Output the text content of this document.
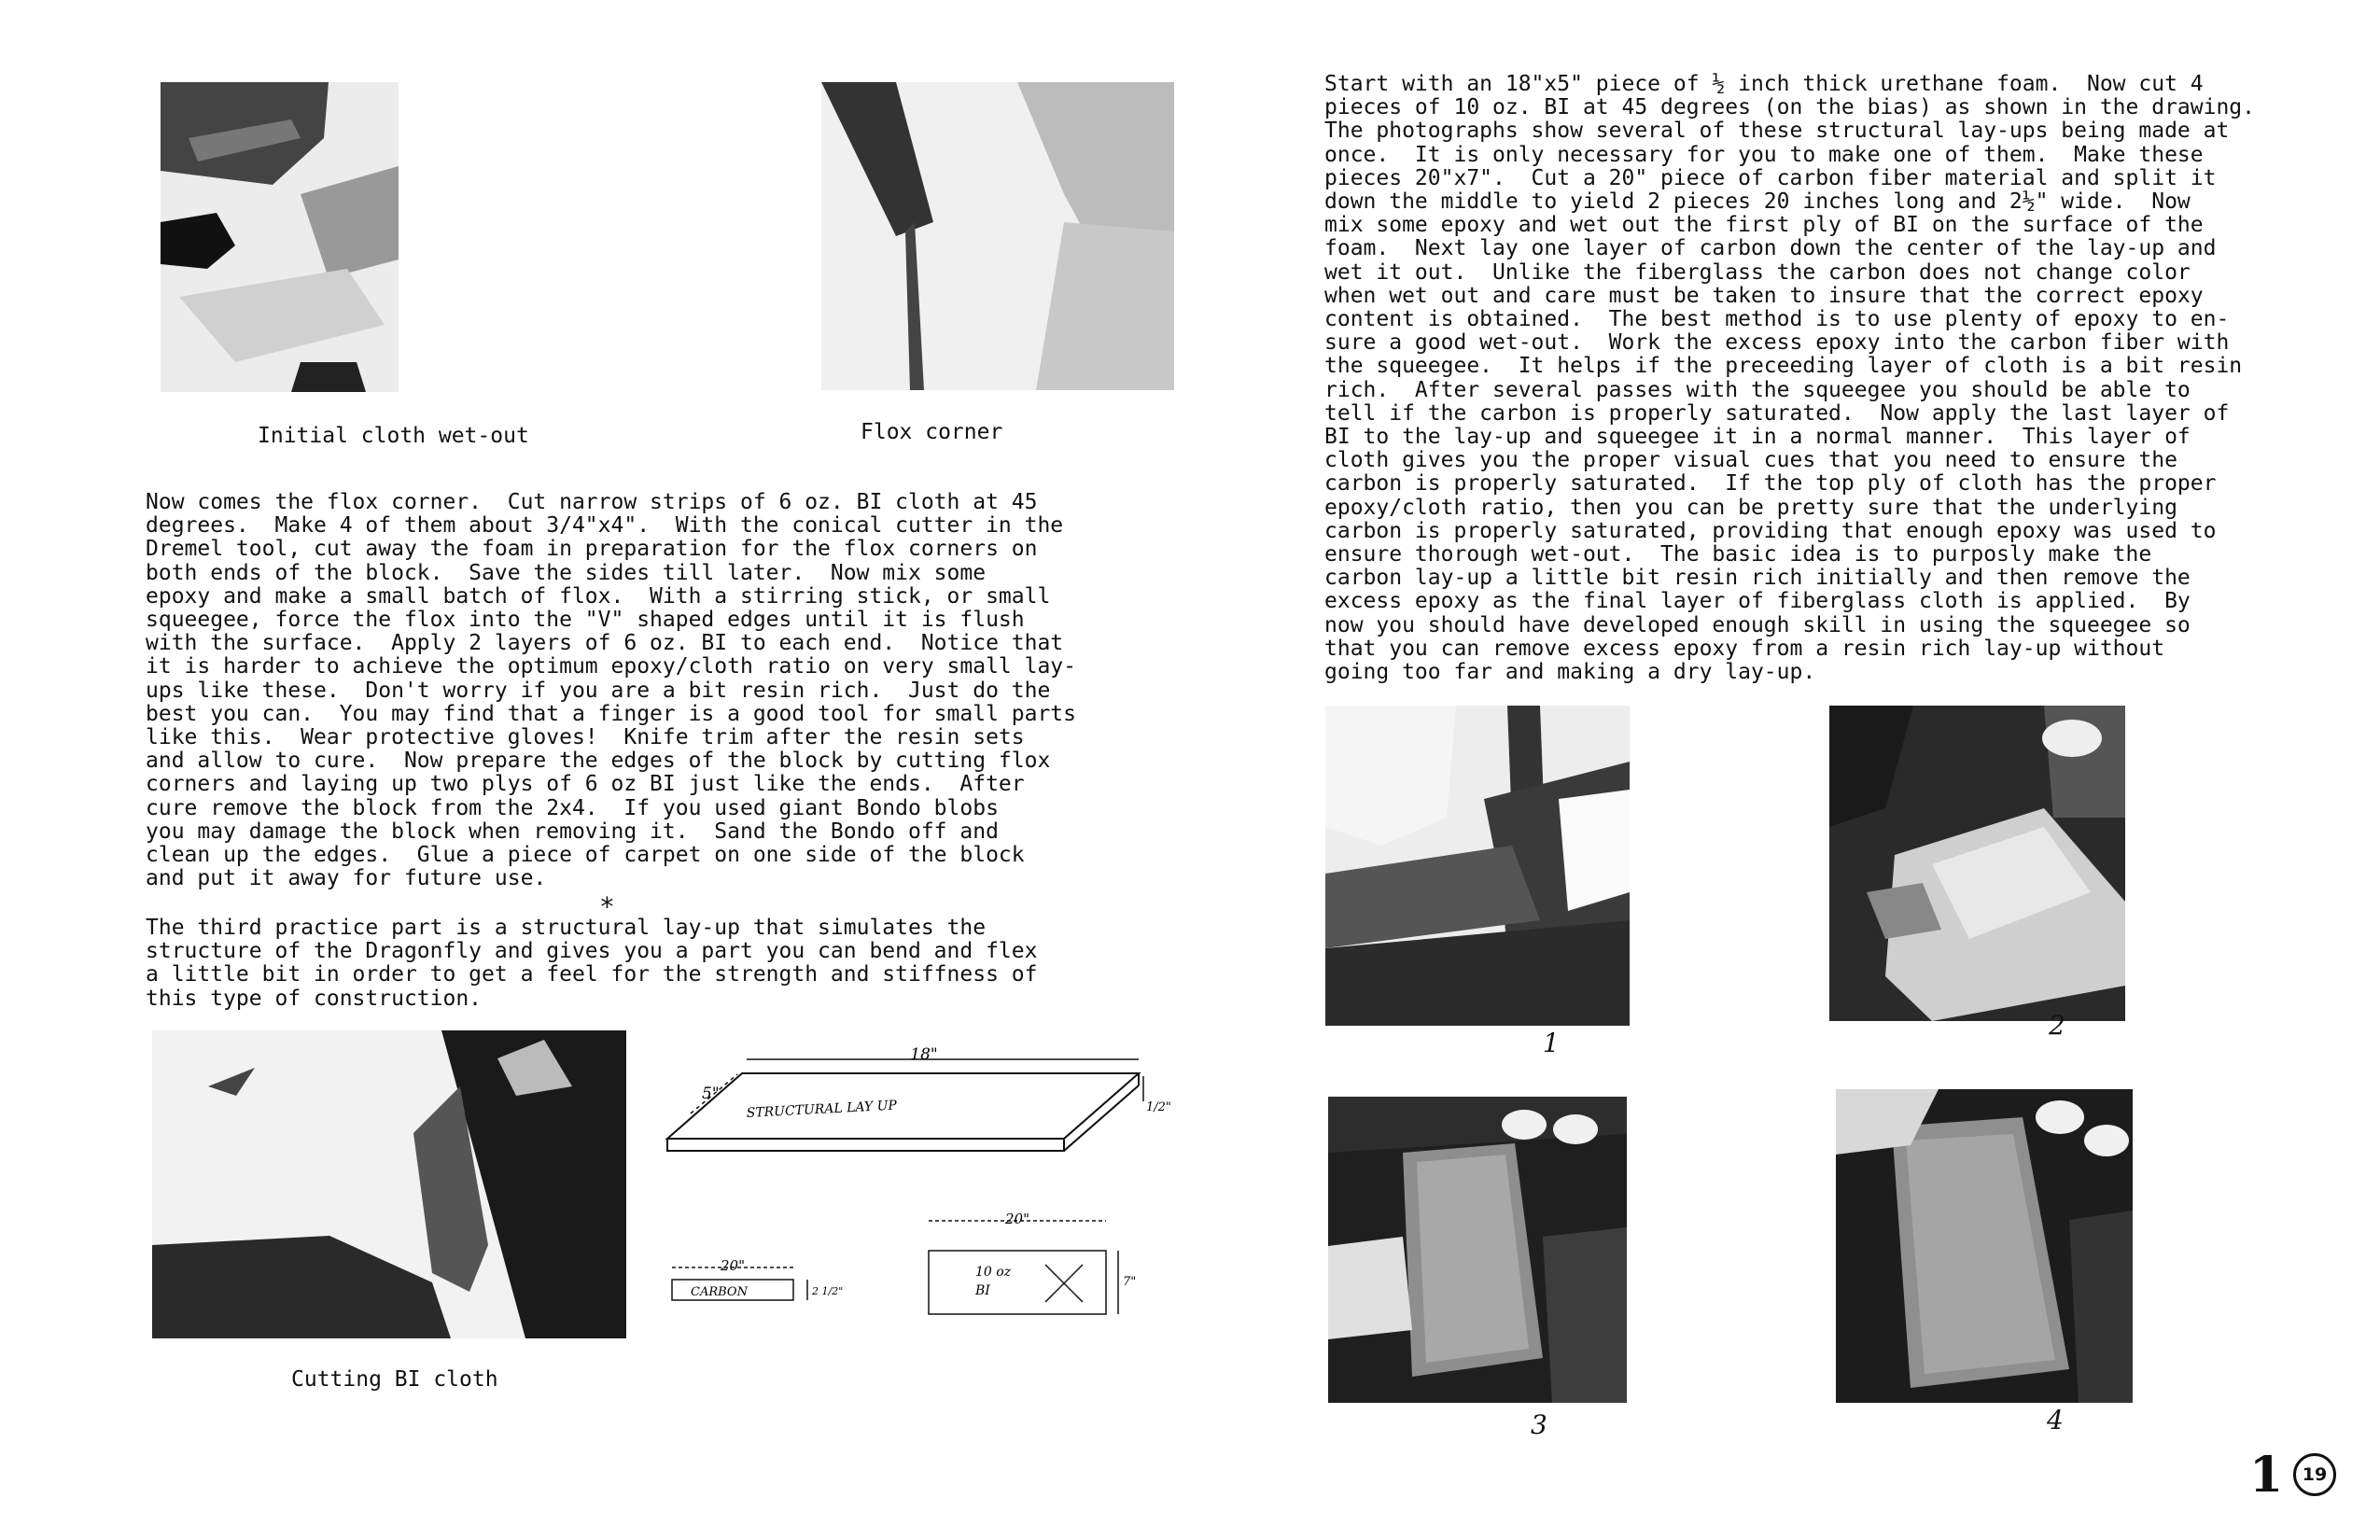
Initial cloth wet-out	Flox corner
Now comes the flox corner.  Cut narrow strips of 6 oz. BI cloth at 45
degrees.  Make 4 of them about 3/4"x4".  With the conical cutter in the
Dremel tool, cut away the foam in preparation for the flox corners on
both ends of the block.  Save the sides till later.  Now mix some
epoxy and make a small batch of flox.  With a stirring stick, or small
squeegee, force the flox into the "V" shaped edges until it is flush
with the surface.  Apply 2 layers of 6 oz. BI to each end.  Notice that
it is harder to achieve the optimum epoxy/cloth ratio on very small lay-
ups like these.  Don't worry if you are a bit resin rich.  Just do the
best you can.  You may find that a finger is a good tool for small parts
like this.  Wear protective gloves!  Knife trim after the resin sets
and allow to cure.  Now prepare the edges of the block by cutting flox
corners and laying up two plys of 6 oz BI just like the ends.  After
cure remove the block from the 2x4.  If you used giant Bondo blobs
you may damage the block when removing it.  Sand the Bondo off and
clean up the edges.  Glue a piece of carpet on one side of the block
and put it away for future use.
*
The third practice part is a structural lay-up that simulates the
structure of the Dragonfly and gives you a part you can bend and flex
a little bit in order to get a feel for the strength and stiffness of
this type of construction.
Cutting BI cloth
18"
5"
1/2"
STRUCTURAL LAY UP
20"
CARBON	2 1/2"
20"
10 oz
BI
7"
Start with an 18"x5" piece of ½ inch thick urethane foam.  Now cut 4
pieces of 10 oz. BI at 45 degrees (on the bias) as shown in the drawing.
The photographs show several of these structural lay-ups being made at
once.  It is only necessary for you to make one of them.  Make these
pieces 20"x7".  Cut a 20" piece of carbon fiber material and split it
down the middle to yield 2 pieces 20 inches long and 2½" wide.  Now
mix some epoxy and wet out the first ply of BI on the surface of the
foam.  Next lay one layer of carbon down the center of the lay-up and
wet it out.  Unlike the fiberglass the carbon does not change color
when wet out and care must be taken to insure that the correct epoxy
content is obtained.  The best method is to use plenty of epoxy to en-
sure a good wet-out.  Work the excess epoxy into the carbon fiber with
the squeegee.  It helps if the preceeding layer of cloth is a bit resin
rich.  After several passes with the squeegee you should be able to
tell if the carbon is properly saturated.  Now apply the last layer of
BI to the lay-up and squeegee it in a normal manner.  This layer of
cloth gives you the proper visual cues that you need to ensure the
carbon is properly saturated.  If the top ply of cloth has the proper
epoxy/cloth ratio, then you can be pretty sure that the underlying
carbon is properly saturated, providing that enough epoxy was used to
ensure thorough wet-out.  The basic idea is to purposly make the
carbon lay-up a little bit resin rich initially and then remove the
excess epoxy as the final layer of fiberglass cloth is applied.  By
now you should have developed enough skill in using the squeegee so
that you can remove excess epoxy from a resin rich lay-up without
going too far and making a dry lay-up.
1
2
3	4
1	19
